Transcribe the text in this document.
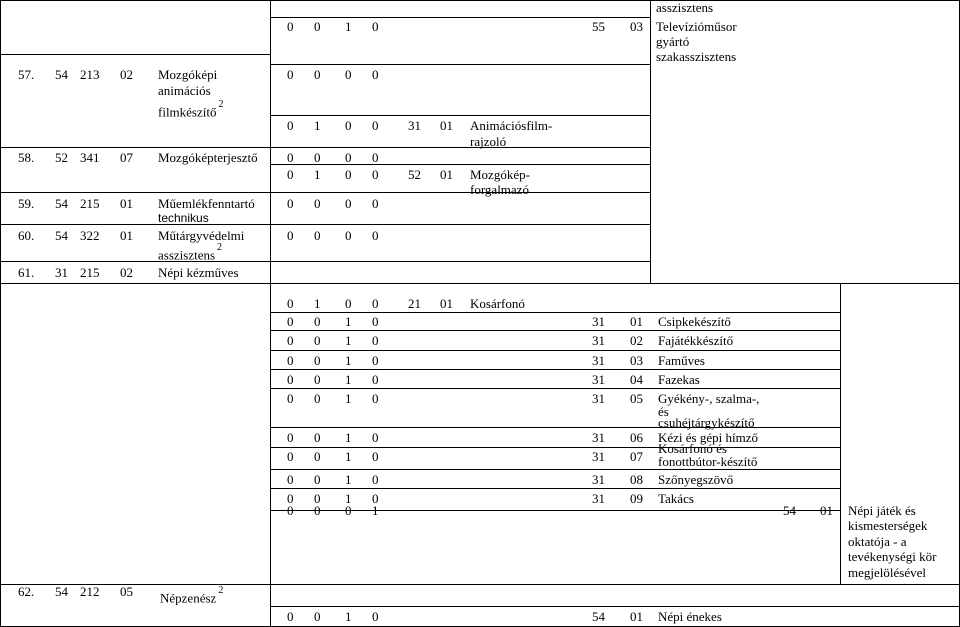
asszisztens
0 0 1 0	55 03 Televízióműsor
gyártó
szakasszisztens
57. 54 213 02 Mozgóképi
animációs
filmkészítő $^2$
0 0 0 0
0 1 0 0 31 01 Animációsfilm-
rajzoló
58. 52 341 07 Mozgóképterjesztő 0 0 0 0
0 1 0 0 52 01 Mozgókép-
forgalmazó
59. 54 215 01 Műemlékfenntartó
technikus
0 0 0 0
60. 54 322 01 Műtárgyvédelmi
asszisztens $^2$
0 0 0 0
61. 31 215 02 Népi kézműves
0 1 0 0 21 01 Kosárfonó
0 0 1 0	31 01 Csipkekészítő
0 0 1 0	31 02 Fajátékkészítő
0 0 1 0	31 03 Faműves
0 0 1 0	31 04 Fazekas
0 0 1 0	31 05 Gyékény-, szalma-,
és
csuhéjtárgykészítő
0 0 1 0	31 06 Kézi és gépi hímző
0 0 1 0	31 07
Kosárfonó és
fonottbútor-készítő
0 0 1 0	31 08 Szőnyegszövő
0 0 1 0	31 09 Takács
0 0 0 1	54 01 Népi játék és
kismesterségek
oktatója - a
tevékenységi kör
megjelölésével
62. 54 212 05 Népzenész $^2$
0 0 1 0	54 01 Népi énekes
